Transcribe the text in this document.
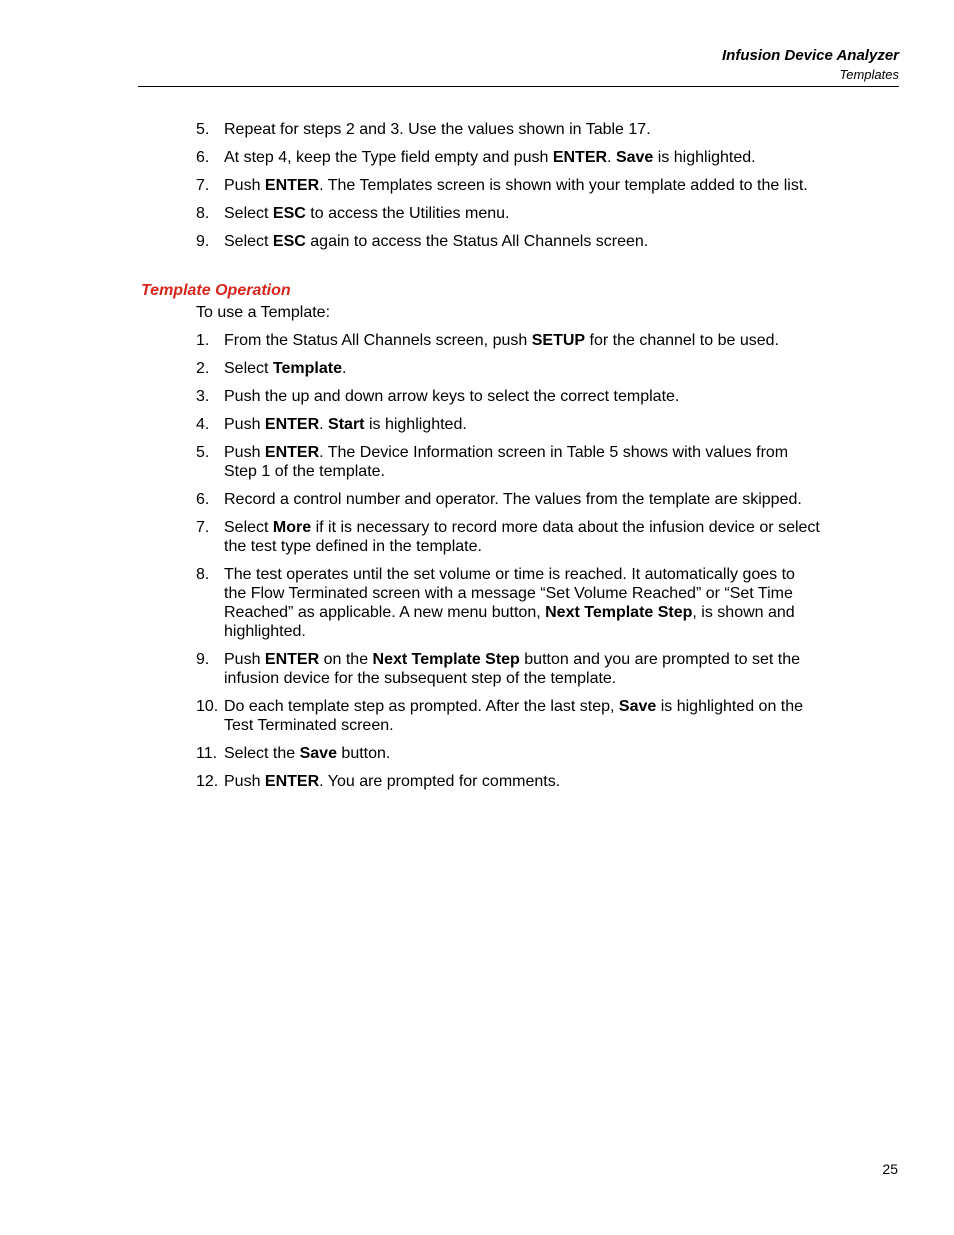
Infusion Device Analyzer
Templates
5. Repeat for steps 2 and 3. Use the values shown in Table 17.
6. At step 4, keep the Type field empty and push ENTER. Save is highlighted.
7. Push ENTER. The Templates screen is shown with your template added to the list.
8. Select ESC to access the Utilities menu.
9. Select ESC again to access the Status All Channels screen.
Template Operation
To use a Template:
1. From the Status All Channels screen, push SETUP for the channel to be used.
2. Select Template.
3. Push the up and down arrow keys to select the correct template.
4. Push ENTER. Start is highlighted.
5. Push ENTER. The Device Information screen in Table 5 shows with values from Step 1 of the template.
6. Record a control number and operator. The values from the template are skipped.
7. Select More if it is necessary to record more data about the infusion device or select the test type defined in the template.
8. The test operates until the set volume or time is reached. It automatically goes to the Flow Terminated screen with a message “Set Volume Reached” or “Set Time Reached” as applicable. A new menu button, Next Template Step, is shown and highlighted.
9. Push ENTER on the Next Template Step button and you are prompted to set the infusion device for the subsequent step of the template.
10. Do each template step as prompted. After the last step, Save is highlighted on the Test Terminated screen.
11. Select the Save button.
12. Push ENTER. You are prompted for comments.
25
